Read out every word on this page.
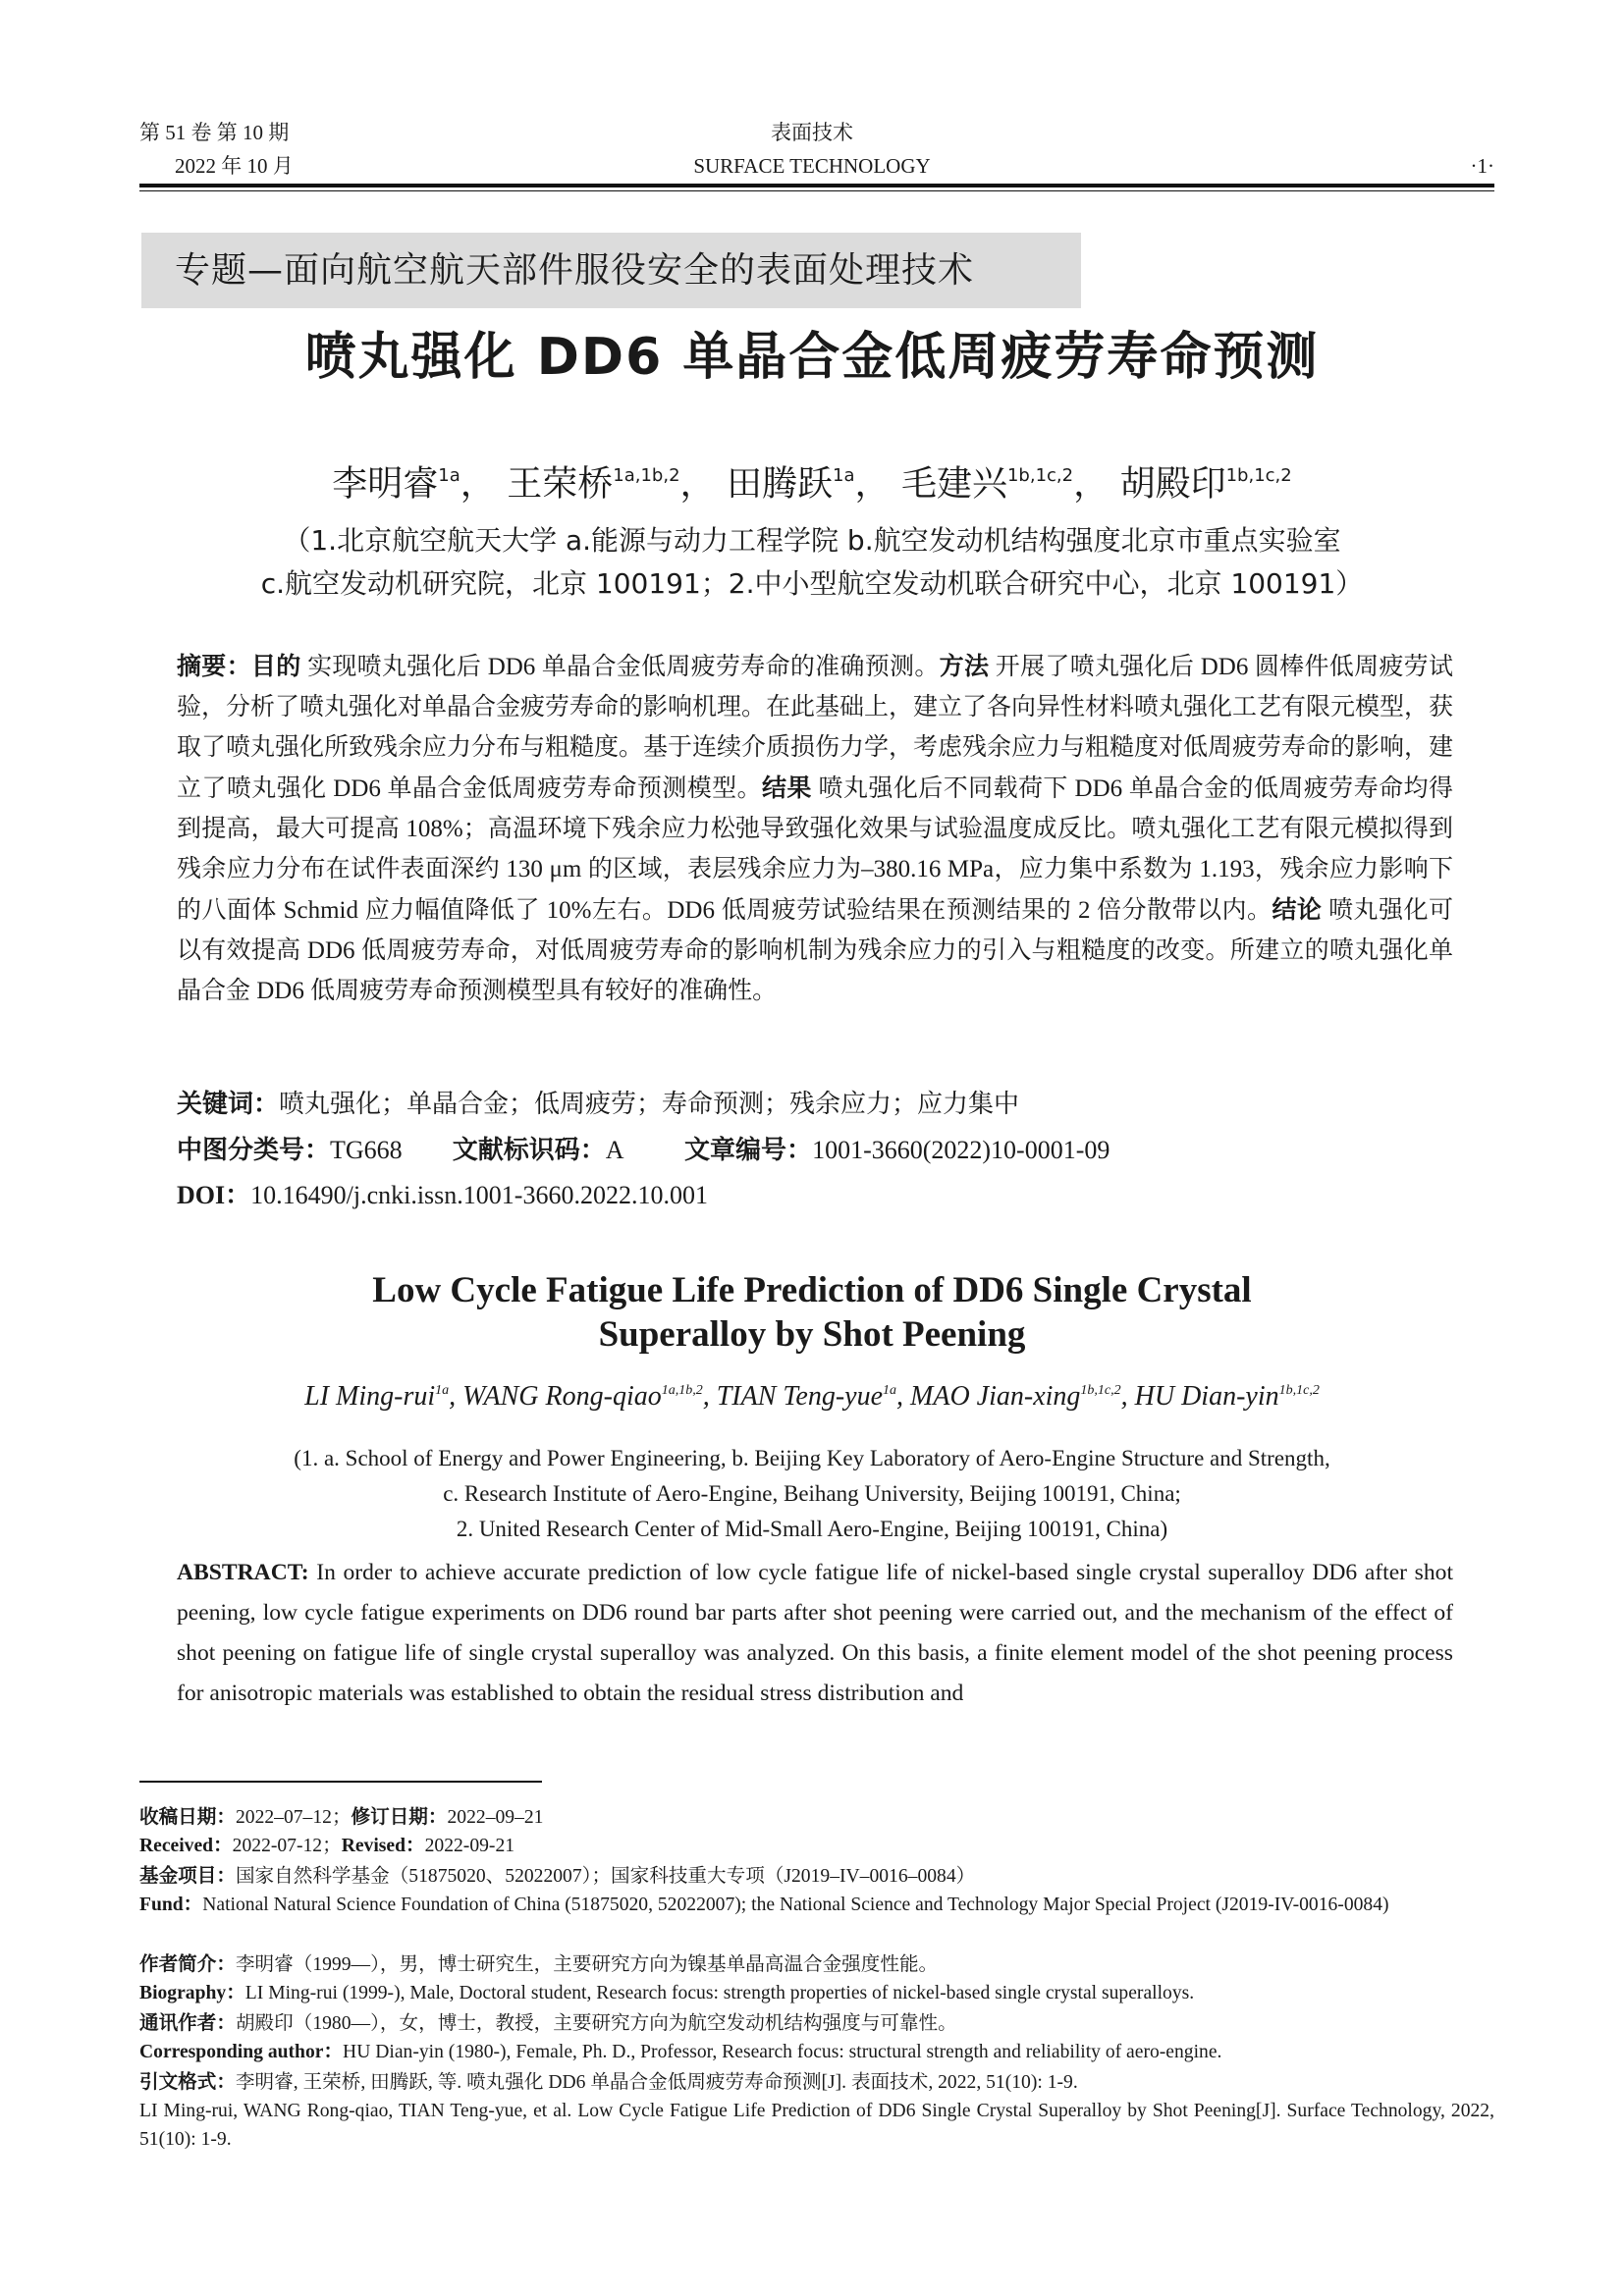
第 51 卷 第 10 期
2022 年 10 月
表面技术
SURFACE TECHNOLOGY	·1·
专题—面向航空航天部件服役安全的表面处理技术
喷丸强化 DD6 单晶合金低周疲劳寿命预测
李明睿$^{1a}$， 王荣桥$^{1a,1b,2}$， 田腾跃$^{1a}$， 毛建兴$^{1b,1c,2}$， 胡殿印$^{1b,1c,2}$
（1.北京航空航天大学 a.能源与动力工程学院 b.航空发动机结构强度北京市重点实验室
c.航空发动机研究院，北京 100191；2.中小型航空发动机联合研究中心，北京 100191）
摘要：目的 实现喷丸强化后 DD6 单晶合金低周疲劳寿命的准确预测。方法 开展了喷丸强化后 DD6 圆棒件低周疲劳试验，分析了喷丸强化对单晶合金疲劳寿命的影响机理。在此基础上，建立了各向异性材料喷丸强化工艺有限元模型，获取了喷丸强化所致残余应力分布与粗糙度。基于连续介质损伤力学，考虑残余应力与粗糙度对低周疲劳寿命的影响，建立了喷丸强化 DD6 单晶合金低周疲劳寿命预测模型。结果 喷丸强化后不同载荷下 DD6 单晶合金的低周疲劳寿命均得到提高，最大可提高 108%；高温环境下残余应力松弛导致强化效果与试验温度成反比。喷丸强化工艺有限元模拟得到残余应力分布在试件表面深约 130 μm 的区域，表层残余应力为–380.16 MPa，应力集中系数为 1.193，残余应力影响下的八面体 Schmid 应力幅值降低了 10%左右。DD6 低周疲劳试验结果在预测结果的 2 倍分散带以内。结论 喷丸强化可以有效提高 DD6 低周疲劳寿命，对低周疲劳寿命的影响机制为残余应力的引入与粗糙度的改变。所建立的喷丸强化单晶合金 DD6 低周疲劳寿命预测模型具有较好的准确性。
关键词：喷丸强化；单晶合金；低周疲劳；寿命预测；残余应力；应力集中
中图分类号：TG668 文献标识码：A 文章编号：1001-3660(2022)10-0001-09
DOI：10.16490/j.cnki.issn.1001-3660.2022.10.001
Low Cycle Fatigue Life Prediction of DD6 Single Crystal
Superalloy by Shot Peening
LI Ming-rui$^{1a}$, WANG Rong-qiao$^{1a,1b,2}$, TIAN Teng-yue$^{1a}$, MAO Jian-xing$^{1b,1c,2}$, HU Dian-yin$^{1b,1c,2}$
(1. a. School of Energy and Power Engineering, b. Beijing Key Laboratory of Aero-Engine Structure and Strength,
c. Research Institute of Aero-Engine, Beihang University, Beijing 100191, China;
2. United Research Center of Mid-Small Aero-Engine, Beijing 100191, China)
ABSTRACT: In order to achieve accurate prediction of low cycle fatigue life of nickel-based single crystal superalloy DD6 after shot peening, low cycle fatigue experiments on DD6 round bar parts after shot peening were carried out, and the mechanism of the effect of shot peening on fatigue life of single crystal superalloy was analyzed. On this basis, a finite element model of the shot peening process for anisotropic materials was established to obtain the residual stress distribution and
收稿日期：2022–07–12；修订日期：2022–09–21
Received：2022-07-12；Revised：2022-09-21
基金项目：国家自然科学基金（51875020、52022007）；国家科技重大专项（J2019–IV–0016–0084）
Fund：National Natural Science Foundation of China (51875020, 52022007); the National Science and Technology Major Special Project (J2019-IV-0016-0084)
作者简介：李明睿（1999—），男，博士研究生，主要研究方向为镍基单晶高温合金强度性能。
Biography：LI Ming-rui (1999-), Male, Doctoral student, Research focus: strength properties of nickel-based single crystal superalloys.
通讯作者：胡殿印（1980—），女，博士，教授，主要研究方向为航空发动机结构强度与可靠性。
Corresponding author：HU Dian-yin (1980-), Female, Ph. D., Professor, Research focus: structural strength and reliability of aero-engine.
引文格式：李明睿, 王荣桥, 田腾跃, 等. 喷丸强化 DD6 单晶合金低周疲劳寿命预测[J]. 表面技术, 2022, 51(10): 1-9.
LI Ming-rui, WANG Rong-qiao, TIAN Teng-yue, et al. Low Cycle Fatigue Life Prediction of DD6 Single Crystal Superalloy by Shot Peening[J]. Surface Technology, 2022, 51(10): 1-9.
